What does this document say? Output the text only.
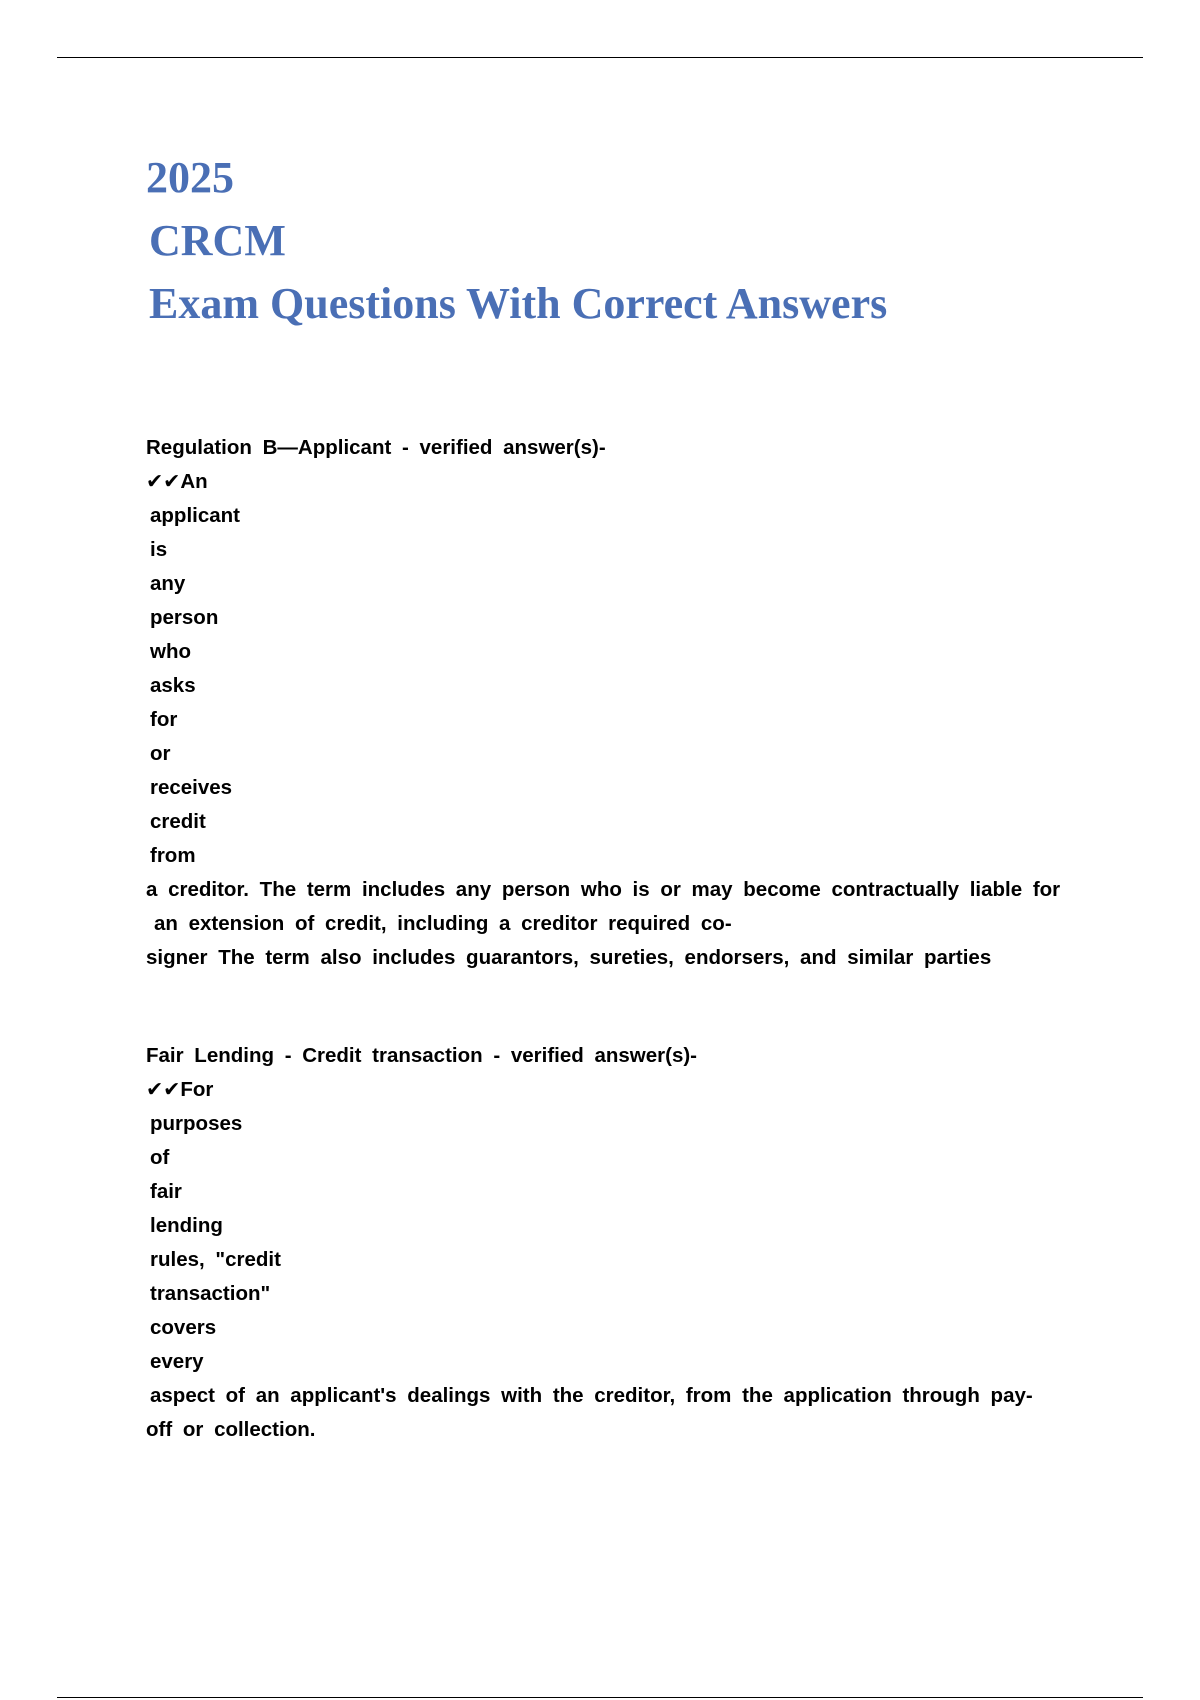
2025
CRCM
Exam Questions With Correct Answers
Regulation B—Applicant - verified answer(s)-
✔✔An
applicant
is
any
person
who
asks
for
or
receives
credit
from
a creditor. The term includes any person who is or may become contractually liable for
an extension of credit, including a creditor required co-
signer The term also includes guarantors, sureties, endorsers, and similar parties
Fair Lending - Credit transaction - verified answer(s)-
✔✔For
purposes
of
fair
lending
rules, "credit
transaction"
covers
every
aspect of an applicant's dealings with the creditor, from the application through pay-
off or collection.
